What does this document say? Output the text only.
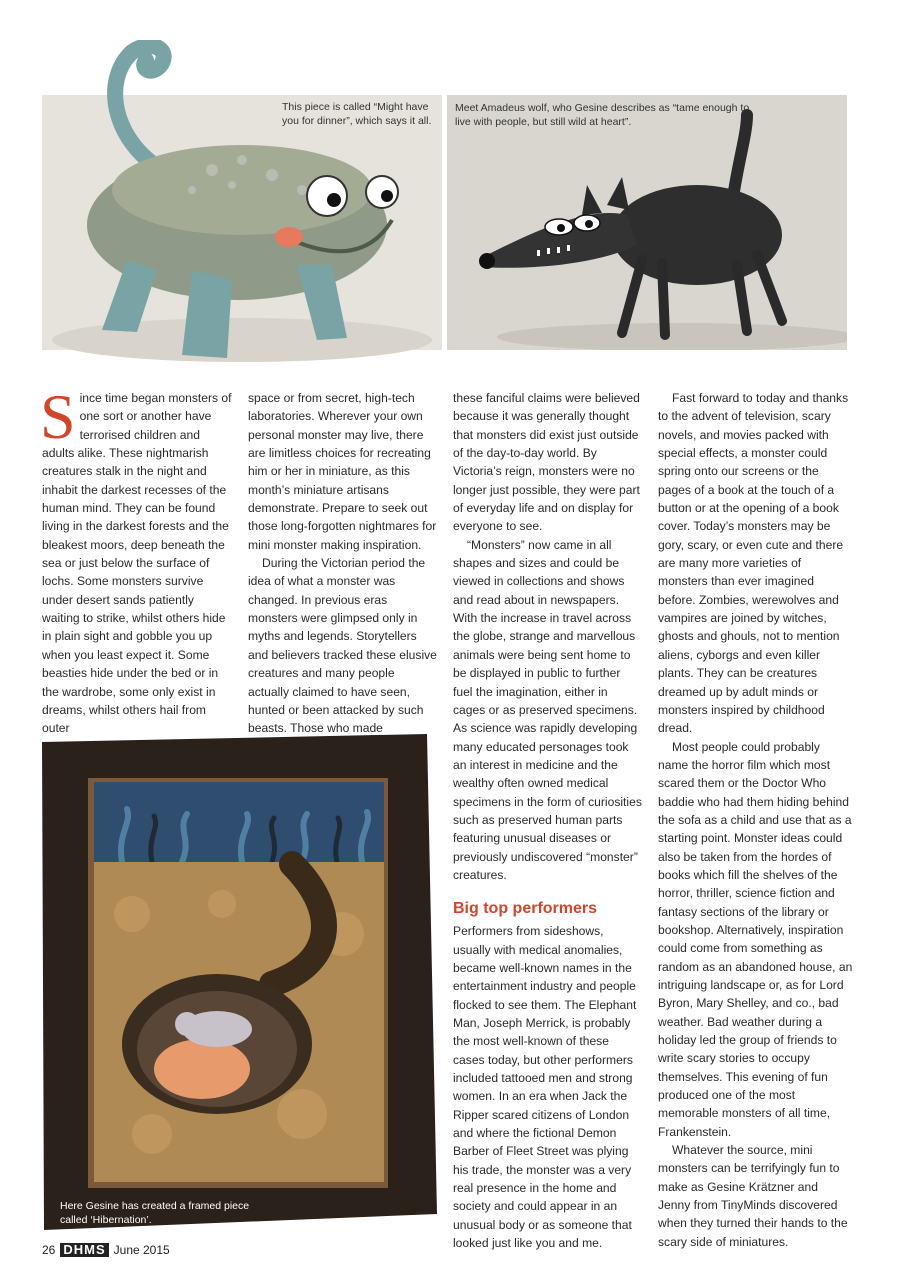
This piece is called “Might have you for dinner”, which says it all.
Meet Amadeus wolf, who Gesine describes as “tame enough to live with people, but still wild at heart”.
Here Gesine has created a framed piece called ‘Hibernation’.

Since time began monsters of one sort or another have terrorised children and adults alike. These nightmarish creatures stalk in the night and inhabit the darkest recesses of the human mind. They can be found living in the darkest forests and the bleakest moors, deep beneath the sea or just below the surface of lochs. Some monsters survive under desert sands patiently waiting to strike, whilst others hide in plain sight and gobble you up when you least expect it. Some beasties hide under the bed or in the wardrobe, some only exist in dreams, whilst others hail from outer

space or from secret, high-tech laboratories. Wherever your own personal monster may live, there are limitless choices for recreating him or her in miniature, as this month’s miniature artisans demonstrate. Prepare to seek out those long-forgotten nightmares for mini monster making inspiration.

During the Victorian period the idea of what a monster was changed. In previous eras monsters were glimpsed only in myths and legends. Storytellers and believers tracked these elusive creatures and many people actually claimed to have seen, hunted or been attacked by such beasts. Those who made

these fanciful claims were believed because it was generally thought that monsters did exist just outside of the day-to-day world. By Victoria’s reign, monsters were no longer just possible, they were part of everyday life and on display for everyone to see.

“Monsters” now came in all shapes and sizes and could be viewed in collections and shows and read about in newspapers. With the increase in travel across the globe, strange and marvellous animals were being sent home to be displayed in public to further fuel the imagination, either in cages or as preserved specimens. As science was rapidly developing many educated personages took an interest in medicine and the wealthy often owned medical specimens in the form of curiosities such as preserved human parts featuring unusual diseases or previously undiscovered “monster” creatures.

Big top performers

Performers from sideshows, usually with medical anomalies, became well-known names in the entertainment industry and people flocked to see them. The Elephant Man, Joseph Merrick, is probably the most well-known of these cases today, but other performers included tattooed men and strong women. In an era when Jack the Ripper scared citizens of London and where the fictional Demon Barber of Fleet Street was plying his trade, the monster was a very real presence in the home and society and could appear in an unusual body or as someone that looked just like you and me.

Fast forward to today and thanks to the advent of television, scary novels, and movies packed with special effects, a monster could spring onto our screens or the pages of a book at the touch of a button or at the opening of a book cover. Today’s monsters may be gory, scary, or even cute and there are many more varieties of monsters than ever imagined before. Zombies, werewolves and vampires are joined by witches, ghosts and ghouls, not to mention aliens, cyborgs and even killer plants. They can be creatures dreamed up by adult minds or monsters inspired by childhood dread.

Most people could probably name the horror film which most scared them or the Doctor Who baddie who had them hiding behind the sofa as a child and use that as a starting point. Monster ideas could also be taken from the hordes of books which fill the shelves of the horror, thriller, science fiction and fantasy sections of the library or bookshop. Alternatively, inspiration could come from something as random as an abandoned house, an intriguing landscape or, as for Lord Byron, Mary Shelley, and co., bad weather. Bad weather during a holiday led the group of friends to write scary stories to occupy themselves. This evening of fun produced one of the most memorable monsters of all time, Frankenstein.

Whatever the source, mini monsters can be terrifyingly fun to make as Gesine Krätzner and Jenny from TinyMinds discovered when they turned their hands to the scary side of miniatures.

26 DHMS June 2015
